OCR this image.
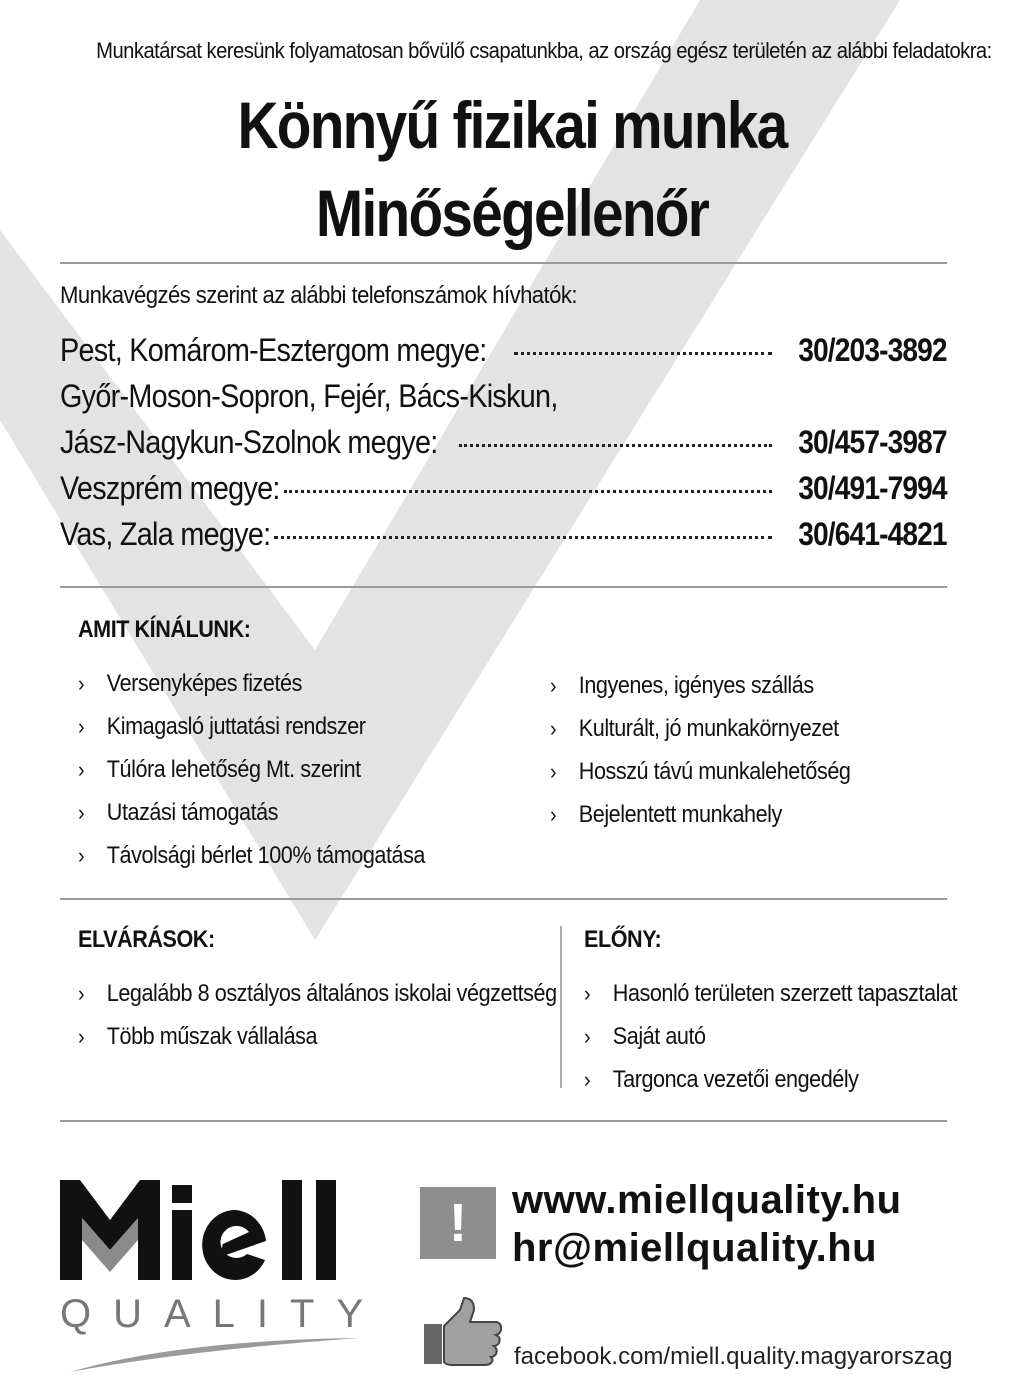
Munkatársat keresünk folyamatosan bővülő csapatunkba, az ország egész területén az alábbi feladatokra:
Könnyű fizikai munka
Minőségellenőr
Munkavégzés szerint az alábbi telefonszámok hívhatók:
Pest, Komárom-Esztergom megye:	30/203-3892
Győr-Moson-Sopron, Fejér, Bács-Kiskun,
Jász-Nagykun-Szolnok megye:	30/457-3987
Veszprém megye:	30/491-7994
Vas, Zala megye:	30/641-4821
AMIT KÍNÁLUNK:
› Versenyképes fizetés
› Kimagasló juttatási rendszer
› Túlóra lehetőség Mt. szerint
› Utazási támogatás
› Távolsági bérlet 100% támogatása
› Ingyenes, igényes szállás
› Kulturált, jó munkakörnyezet
› Hosszú távú munkalehetőség
› Bejelentett munkahely
ELVÁRÁSOK:
› Legalább 8 osztályos általános iskolai végzettség
› Több műszak vállalása
ELŐNY:
› Hasonló területen szerzett tapasztalat
› Saját autó
› Targonca vezetői engedély
QUALITY
!	www.miellquality.hu
hr@miellquality.hu
facebook.com/miell.quality.magyarorszag
